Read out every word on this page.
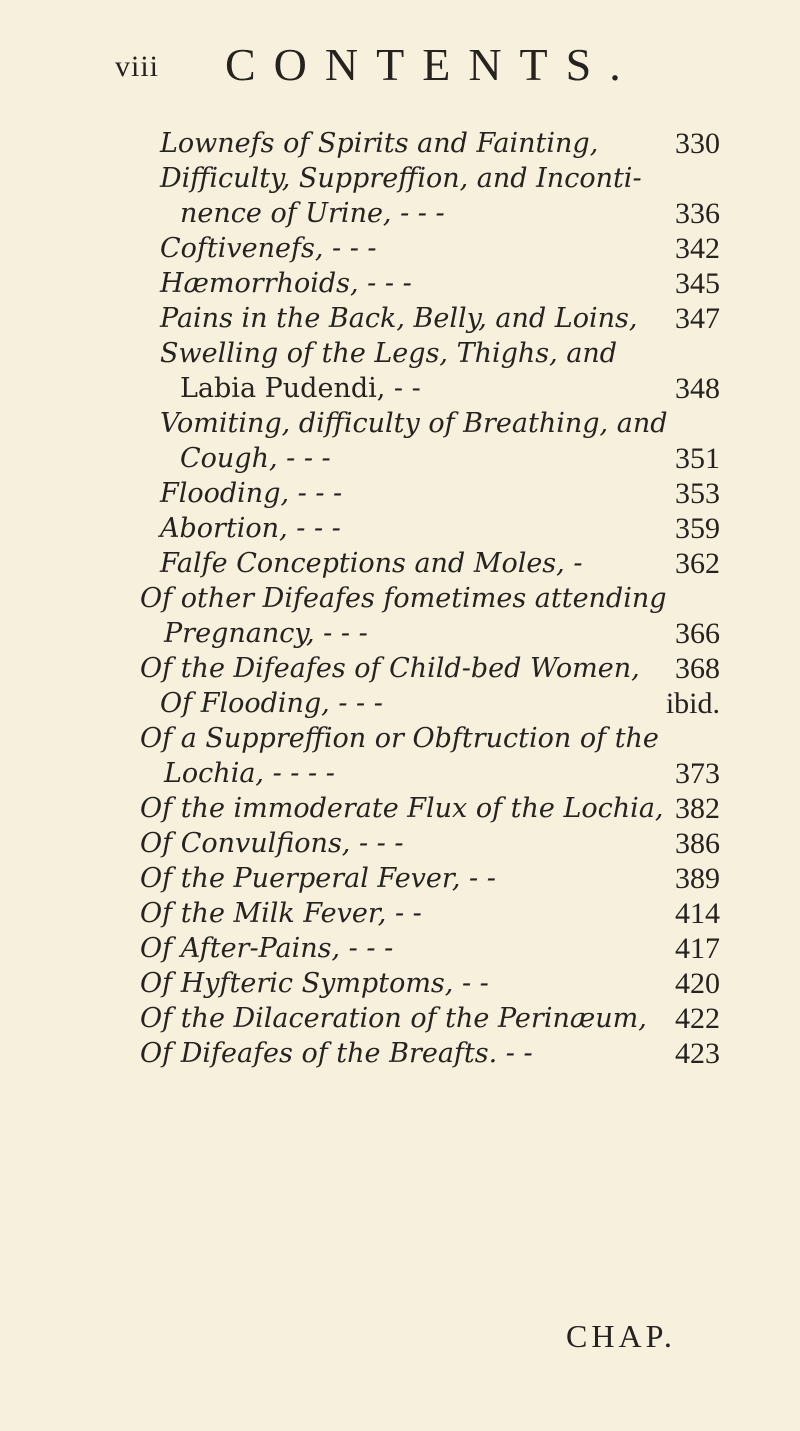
viii CONTENTS.
Lownefs of Spirits and Fainting,	330
Difficulty, Suppreffion, and Inconti-
nence of Urine, - - -	336
Coftivenefs, - - -	342
Hæmorrhoids, - - -	345
Pains in the Back, Belly, and Loins,	347
Swelling of the Legs, Thighs, and
Labia Pudendi, - -	348
Vomiting, difficulty of Breathing, and
Cough, - - -	351
Flooding, - - -	353
Abortion, - - -	359
Falfe Conceptions and Moles, -	362
Of other Difeafes fometimes attending
Pregnancy, - - -	366
Of the Difeafes of Child-bed Women,	368
Of Flooding, - - -	ibid.
Of a Suppreffion or Obftruction of the
Lochia, - - - -	373
Of the immoderate Flux of the Lochia, 382
Of Convulfions, - - -	386
Of the Puerperal Fever, - -	389
Of the Milk Fever, - -	414
Of After-Pains, - - -	417
Of Hyfteric Symptoms, - -	420
Of the Dilaceration of the Perinæum, 422
Of Difeafes of the Breafts. - -	423
CHAP.
